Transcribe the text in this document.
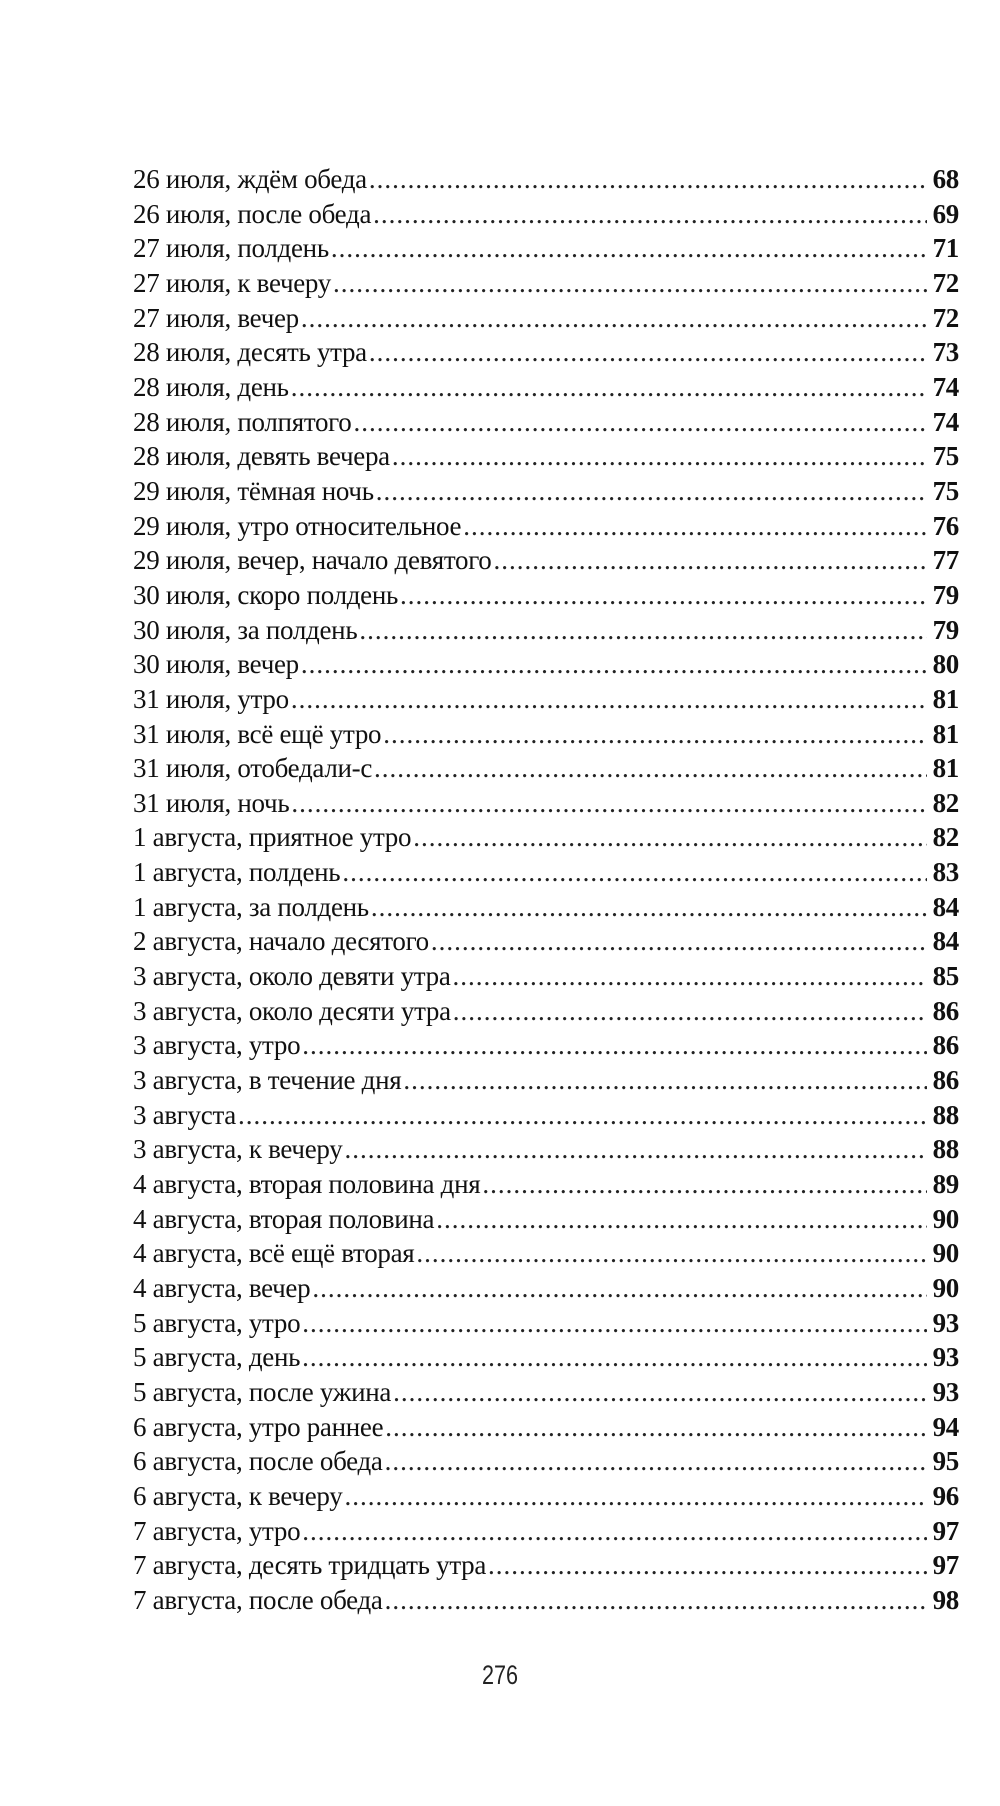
26 июля, ждём обеда .....	68
26 июля, после обеда .....	69
27 июля, полдень .....	71
27 июля, к вечеру .....	72
27 июля, вечер .....	72
28 июля, десять утра .....	73
28 июля, день .....	74
28 июля, полпятого .....	74
28 июля, девять вечера .....	75
29 июля, тёмная ночь .....	75
29 июля, утро относительное .....	76
29 июля, вечер, начало девятого .....	77
30 июля, скоро полдень .....	79
30 июля, за полдень .....	79
30 июля, вечер .....	80
31 июля, утро .....	81
31 июля, всё ещё утро .....	81
31 июля, отобедали-с .....	81
31 июля, ночь .....	82
1 августа, приятное утро .....	82
1 августа, полдень .....	83
1 августа, за полдень .....	84
2 августа, начало десятого .....	84
3 августа, около девяти утра .....	85
3 августа, около десяти утра .....	86
3 августа, утро .....	86
3 августа, в течение дня .....	86
3 августа .....	88
3 августа, к вечеру .....	88
4 августа, вторая половина дня .....	89
4 августа, вторая половина .....	90
4 августа, всё ещё вторая .....	90
4 августа, вечер .....	90
5 августа, утро .....	93
5 августа, день .....	93
5 августа, после ужина .....	93
6 августа, утро раннее .....	94
6 августа, после обеда .....	95
6 августа, к вечеру .....	96
7 августа, утро .....	97
7 августа, десять тридцать утра .....	97
7 августа, после обеда .....	98
276
